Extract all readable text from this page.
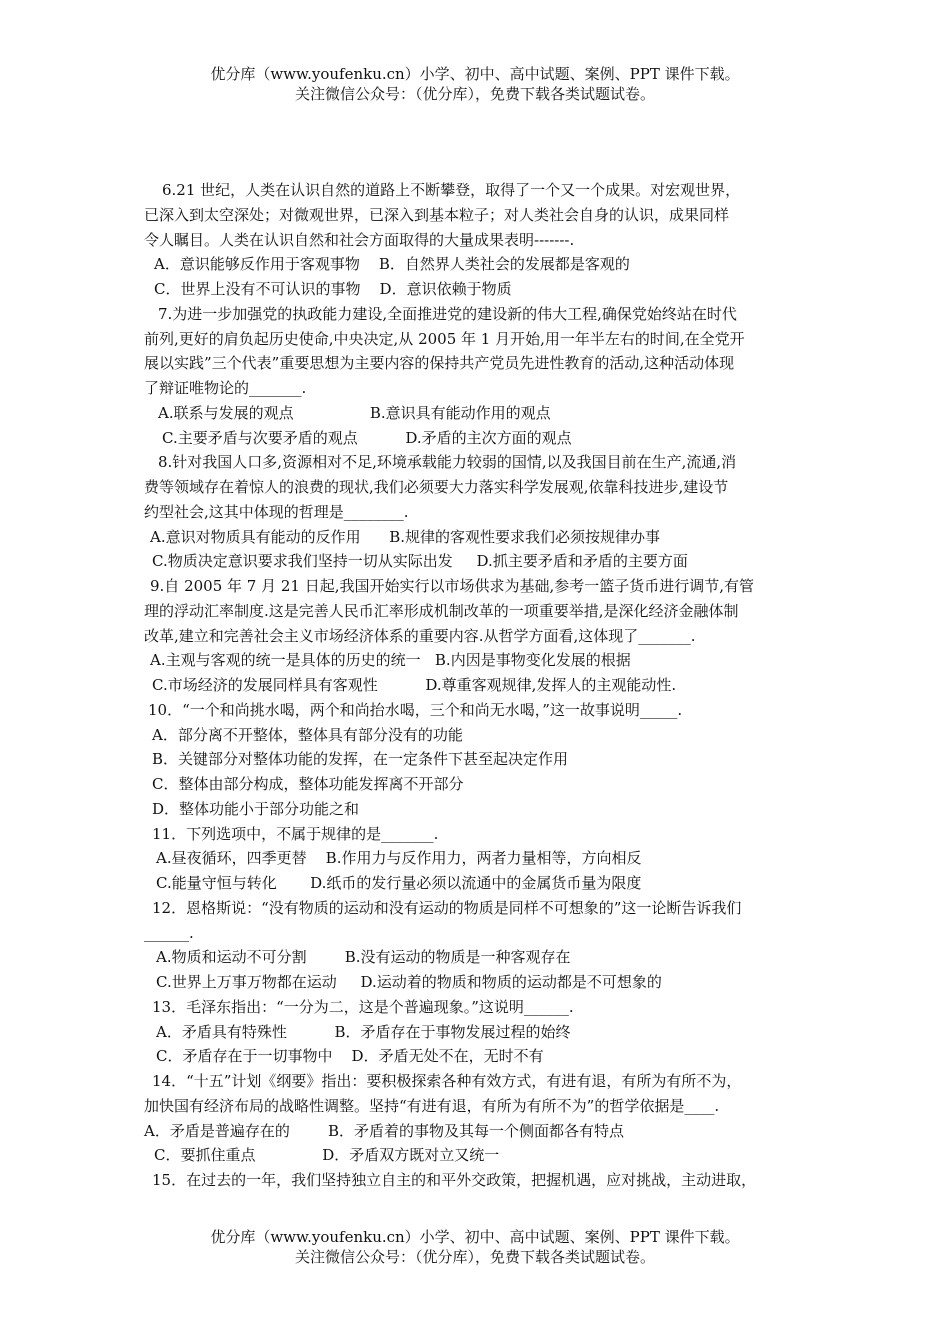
优分库（www.youfenku.cn）小学、初中、高中试题、案例、PPT 课件下载。
关注微信公众号：（优分库），免费下载各类试题试卷。
6.21 世纪，人类在认识自然的道路上不断攀登，取得了一个又一个成果。对宏观世界，
已深入到太空深处；对微观世界，已深入到基本粒子；对人类社会自身的认识，成果同样
令人瞩目。人类在认识自然和社会方面取得的大量成果表明-------.
A．意识能够反作用于客观事物    B．自然界人类社会的发展都是客观的
C．世界上没有不可认识的事物    D．意识依赖于物质
7.为进一步加强党的执政能力建设,全面推进党的建设新的伟大工程,确保党始终站在时代
前列,更好的肩负起历史使命,中央决定,从 2005 年 1 月开始,用一年半左右的时间,在全党开
展以实践”三个代表”重要思想为主要内容的保持共产党员先进性教育的活动,这种活动体现
了辩证唯物论的_______.
A.联系与发展的观点                B.意识具有能动作用的观点
C.主要矛盾与次要矛盾的观点          D.矛盾的主次方面的观点
8.针对我国人口多,资源相对不足,环境承载能力较弱的国情,以及我国目前在生产,流通,消
费等领域存在着惊人的浪费的现状,我们必须要大力落实科学发展观,依靠科技进步,建设节
约型社会,这其中体现的哲理是________.
A.意识对物质具有能动的反作用      B.规律的客观性要求我们必须按规律办事
C.物质决定意识要求我们坚持一切从实际出发     D.抓主要矛盾和矛盾的主要方面
9.自 2005 年 7 月 21 日起,我国开始实行以市场供求为基础,参考一篮子货币进行调节,有管
理的浮动汇率制度.这是完善人民币汇率形成机制改革的一项重要举措,是深化经济金融体制
改革,建立和完善社会主义市场经济体系的重要内容.从哲学方面看,这体现了_______.
A.主观与客观的统一是具体的历史的统一   B.内因是事物变化发展的根据
C.市场经济的发展同样具有客观性          D.尊重客观规律,发挥人的主观能动性.
10．“一个和尚挑水喝，两个和尚抬水喝，三个和尚无水喝，”这一故事说明_____.
A．部分离不开整体，整体具有部分没有的功能
B．关键部分对整体功能的发挥，在一定条件下甚至起决定作用
C．整体由部分构成，整体功能发挥离不开部分
D．整体功能小于部分功能之和
11．下列选项中，不属于规律的是_______.
A.昼夜循环，四季更替    B.作用力与反作用力，两者力量相等，方向相反
C.能量守恒与转化       D.纸币的发行量必须以流通中的金属货币量为限度
12．恩格斯说：“没有物质的运动和没有运动的物质是同样不可想象的”这一论断告诉我们
______.
A.物质和运动不可分割        B.没有运动的物质是一种客观存在
C.世界上万事万物都在运动     D.运动着的物质和物质的运动都是不可想象的
13．毛泽东指出：“一分为二，这是个普遍现象。”这说明______.
A．矛盾具有特殊性          B．矛盾存在于事物发展过程的始终
C．矛盾存在于一切事物中    D．矛盾无处不在，无时不有
14．“十五”计划《纲要》指出：要积极探索各种有效方式，有进有退，有所为有所不为，
加快国有经济布局的战略性调整。坚持“有进有退，有所为有所不为”的哲学依据是____.
A．矛盾是普遍存在的        B．矛盾着的事物及其每一个侧面都各有特点
C．要抓住重点              D．矛盾双方既对立又统一
15．在过去的一年，我们坚持独立自主的和平外交政策，把握机遇，应对挑战，主动进取，
优分库（www.youfenku.cn）小学、初中、高中试题、案例、PPT 课件下载。
关注微信公众号：（优分库），免费下载各类试题试卷。
